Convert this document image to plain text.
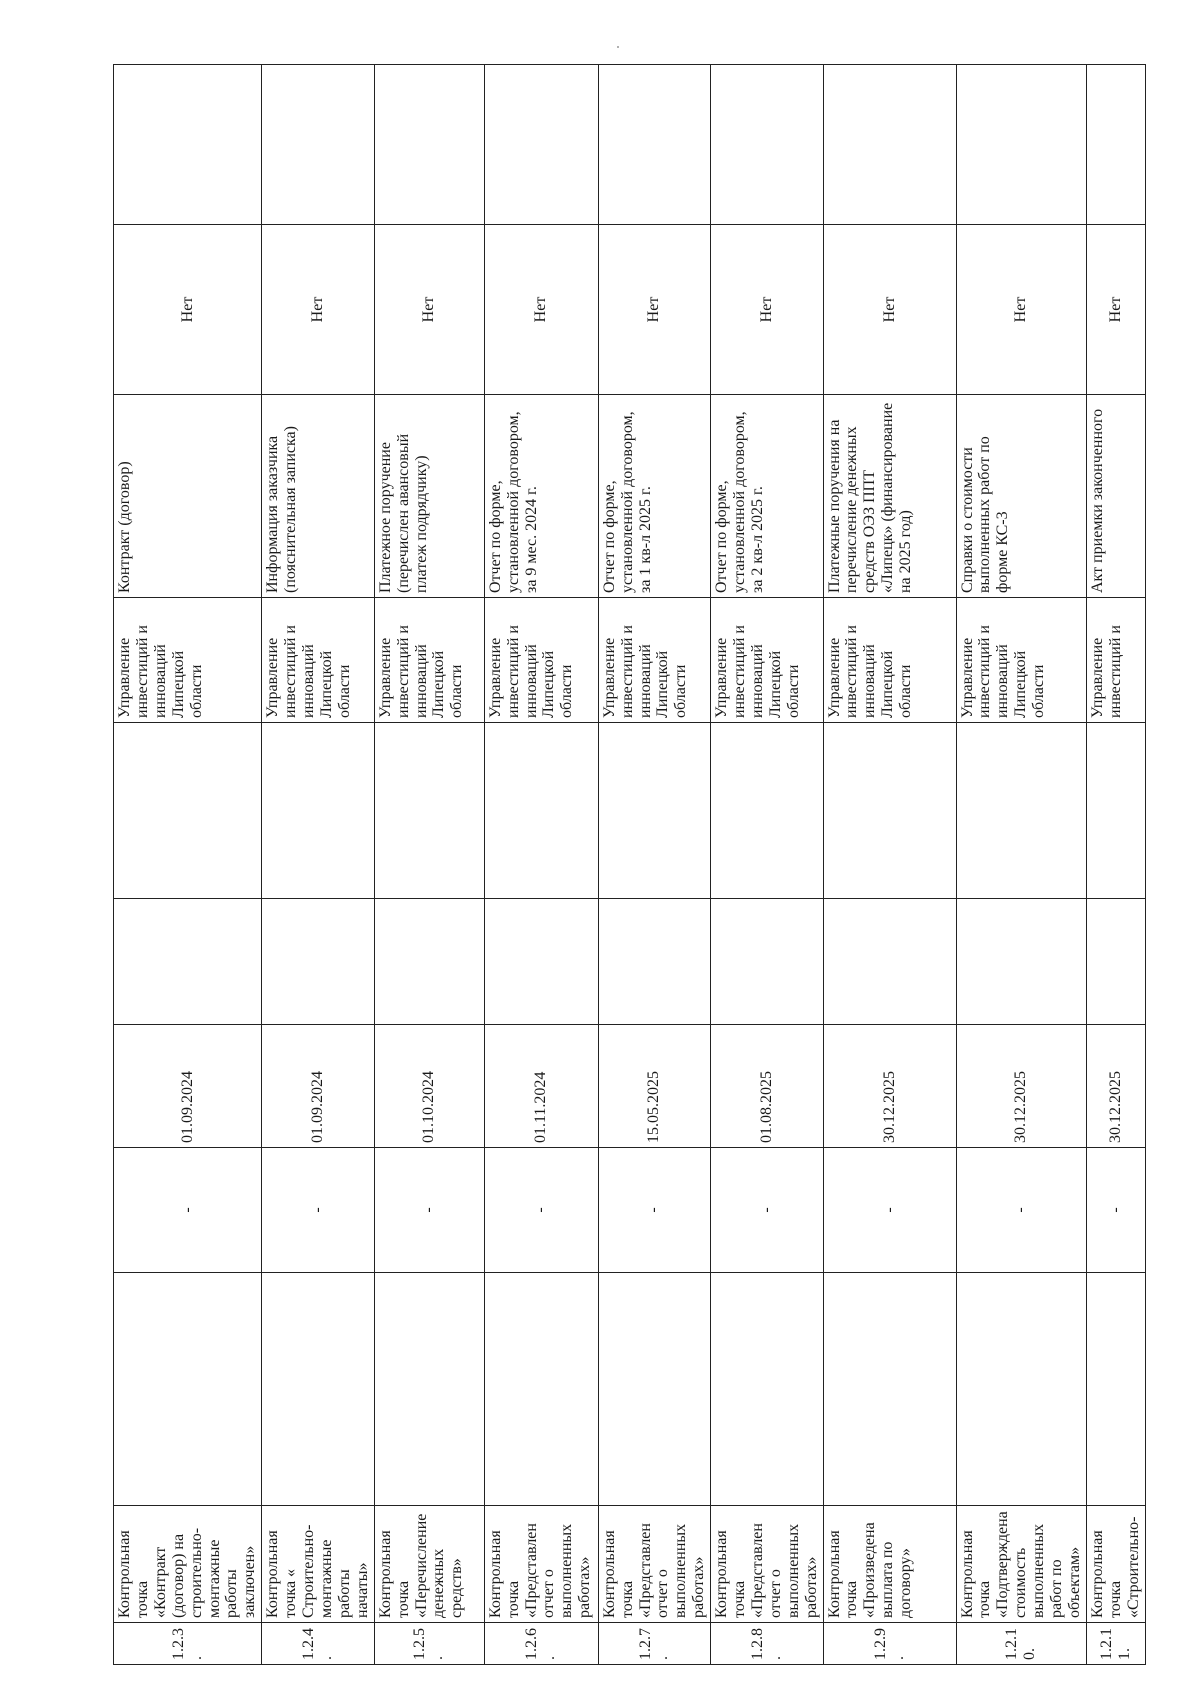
1.2.3.	Контрольная точка «Контракт (договор) на строительно-монтажные работы заключен»		-	01.09.2024			Управление инвестиций и инноваций Липецкой области	Контракт (договор)	Нет	
1.2.4.	Контрольная точка « Строительно-монтажные работы начаты»		-	01.09.2024			Управление инвестиций и инноваций Липецкой области	Информация заказчика (пояснительная записка)	Нет	
1.2.5.	Контрольная точка «Перечисление денежных средств»		-	01.10.2024			Управление инвестиций и инноваций Липецкой области	Платежное поручение (перечислен авансовый платеж подрядчику)	Нет	
1.2.6.	Контрольная точка «Представлен отчет о выполненных работах»		-	01.11.2024			Управление инвестиций и инноваций Липецкой области	Отчет по форме, установленной договором, за 9 мес. 2024 г.	Нет	
1.2.7.	Контрольная точка «Представлен отчет о выполненных работах»		-	15.05.2025			Управление инвестиций и инноваций Липецкой области	Отчет по форме, установленной договором, за 1 кв-л 2025 г.	Нет	
1.2.8.	Контрольная точка «Представлен отчет о выполненных работах»		-	01.08.2025			Управление инвестиций и инноваций Липецкой области	Отчет по форме, установленной договором, за 2 кв-л 2025 г.	Нет	
1.2.9.	Контрольная точка «Произведена выплата по договору»		-	30.12.2025			Управление инвестиций и инноваций Липецкой области	Платежные поручения на перечисление денежных средств ОЭЗ ППТ «Липецк» (финансирование на 2025 год)	Нет	
1.2.10.	Контрольная точка «Подтверждена стоимость выполненных работ по объектам»		-	30.12.2025			Управление инвестиций и инноваций Липецкой области	Справки о стоимости выполненных работ по форме КС-3	Нет	
1.2.11.	Контрольная точка «Строительно-		-	30.12.2025			Управление инвестиций и	Акт приемки законченного	Нет	
